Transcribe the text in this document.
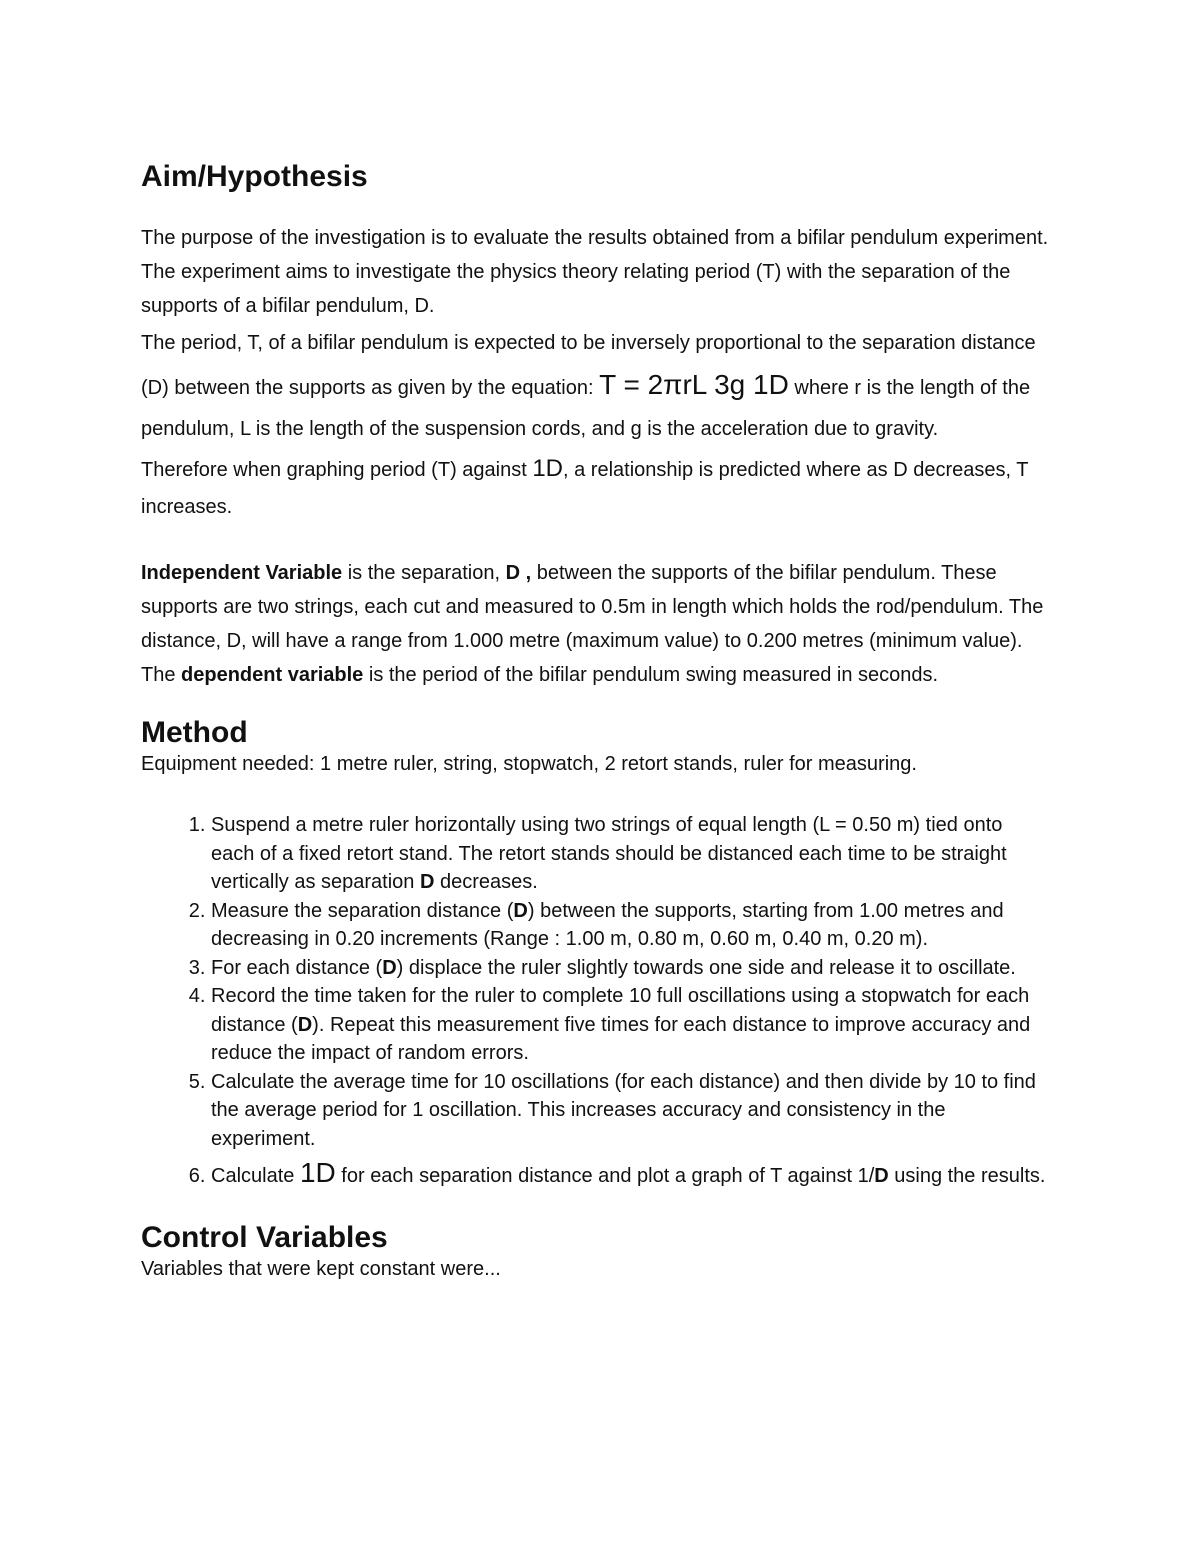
Aim/Hypothesis

The purpose of the investigation is to evaluate the results obtained from a bifilar pendulum experiment. The experiment aims to investigate the physics theory relating period (T) with the separation of the supports of a bifilar pendulum, D.

The period, T, of a bifilar pendulum is expected to be inversely proportional to the separation distance (D) between the supports as given by the equation: T = 2πrL 3g 1D where r is the length of the pendulum, L is the length of the suspension cords, and g is the acceleration due to gravity.

Therefore when graphing period (T) against 1D, a relationship is predicted where as D decreases, T increases.

Independent Variable is the separation, D , between the supports of the bifilar pendulum. These supports are two strings, each cut and measured to 0.5m in length which holds the rod/pendulum. The distance, D, will have a range from 1.000 metre (maximum value) to 0.200 metres (minimum value). The dependent variable is the period of the bifilar pendulum swing measured in seconds.

Method

Equipment needed: 1 metre ruler, string, stopwatch, 2 retort stands, ruler for measuring.

1. Suspend a metre ruler horizontally using two strings of equal length (L = 0.50 m) tied onto each of a fixed retort stand. The retort stands should be distanced each time to be straight vertically as separation D decreases.
2. Measure the separation distance (D) between the supports, starting from 1.00 metres and decreasing in 0.20 increments (Range : 1.00 m, 0.80 m, 0.60 m, 0.40 m, 0.20 m).
3. For each distance (D) displace the ruler slightly towards one side and release it to oscillate.
4. Record the time taken for the ruler to complete 10 full oscillations using a stopwatch for each distance (D). Repeat this measurement five times for each distance to improve accuracy and reduce the impact of random errors.
5. Calculate the average time for 10 oscillations (for each distance) and then divide by 10 to find the average period for 1 oscillation. This increases accuracy and consistency in the experiment.
6. Calculate 1D for each separation distance and plot a graph of T against 1/D using the results.
Control Variables

Variables that were kept constant were...
